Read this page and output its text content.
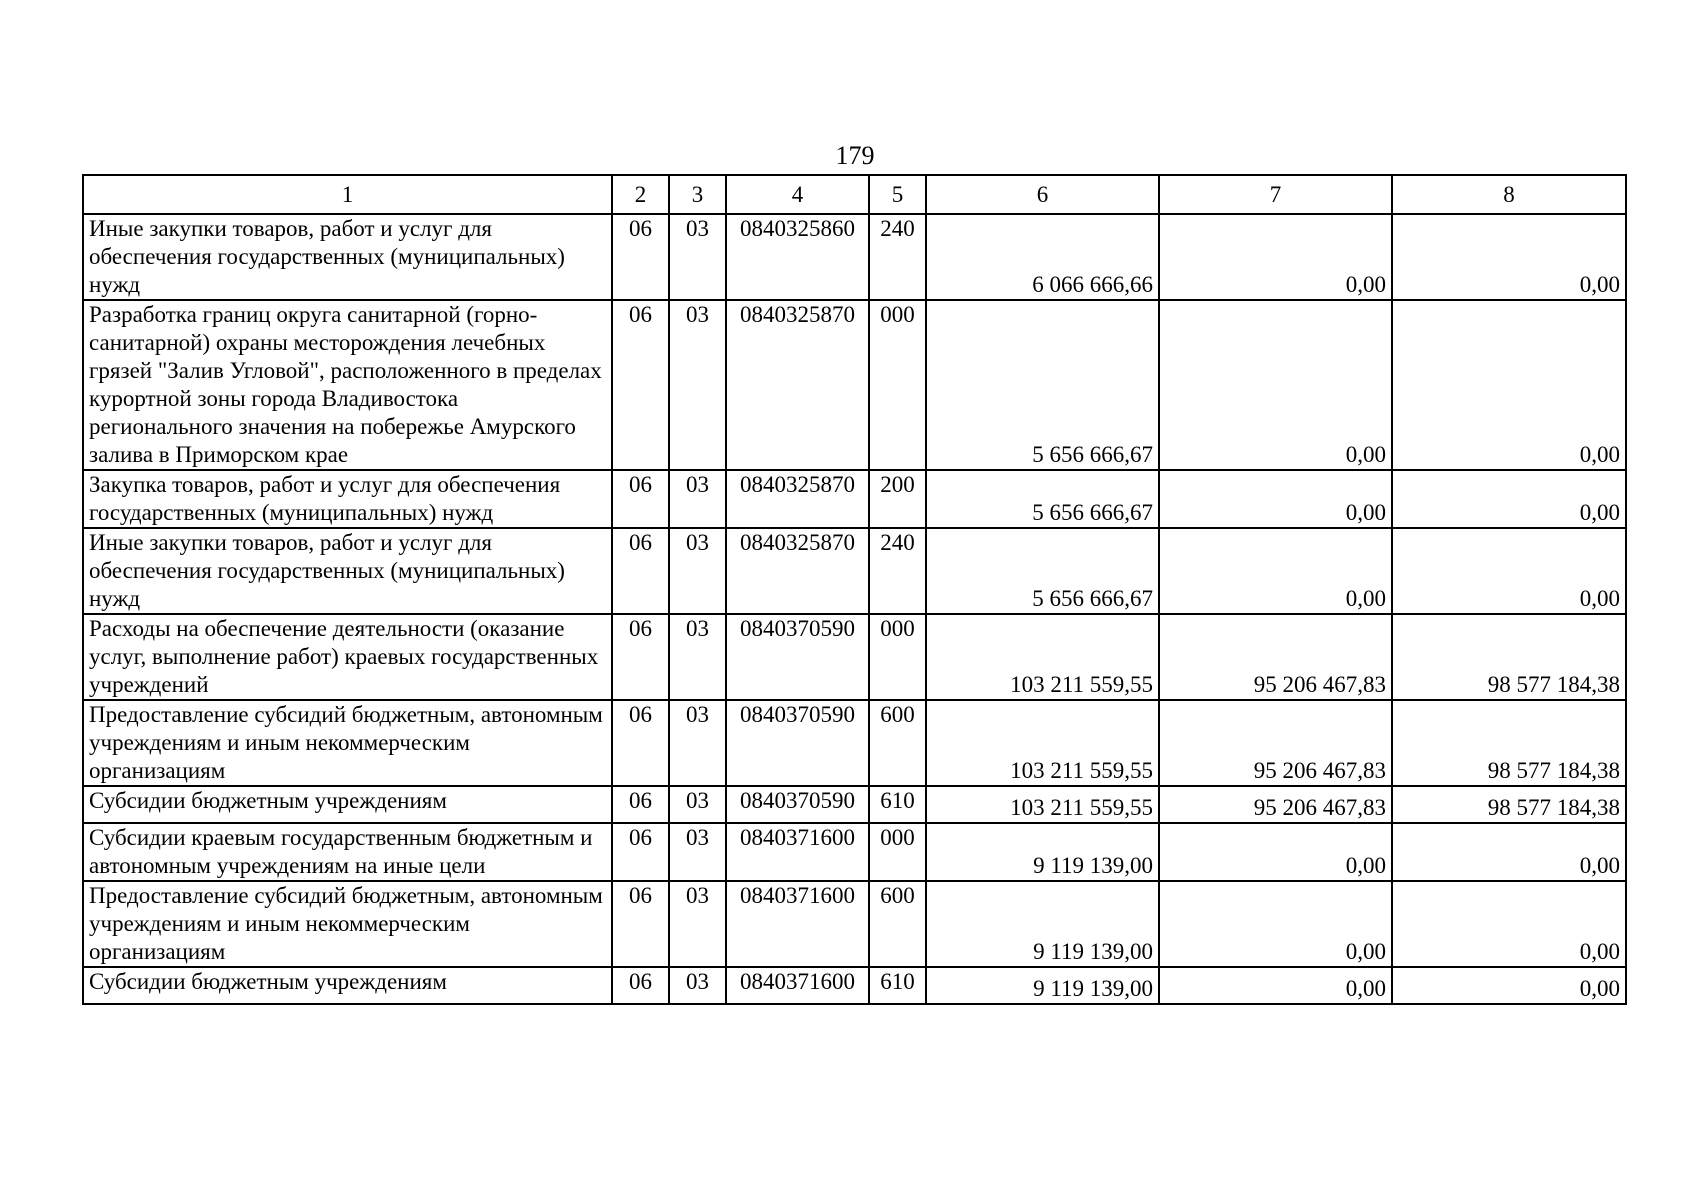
179
1	2	3	4	5	6	7	8
Иные закупки товаров, работ и услуг для обеспечения государственных (муниципальных) нужд	06	03	0840325860	240	6 066 666,66	0,00	0,00
Разработка границ округа санитарной (горно-санитарной) охраны месторождения лечебных грязей "Залив Угловой", расположенного в пределах курортной зоны города Владивостока регионального значения на побережье Амурского залива в Приморском крае	06	03	0840325870	000	5 656 666,67	0,00	0,00
Закупка товаров, работ и услуг для обеспечения государственных (муниципальных) нужд	06	03	0840325870	200	5 656 666,67	0,00	0,00
Иные закупки товаров, работ и услуг для обеспечения государственных (муниципальных) нужд	06	03	0840325870	240	5 656 666,67	0,00	0,00
Расходы на обеспечение деятельности (оказание услуг, выполнение работ) краевых государственных учреждений	06	03	0840370590	000	103 211 559,55	95 206 467,83	98 577 184,38
Предоставление субсидий бюджетным, автономным учреждениям и иным некоммерческим организациям	06	03	0840370590	600	103 211 559,55	95 206 467,83	98 577 184,38
Субсидии бюджетным учреждениям	06	03	0840370590	610	103 211 559,55	95 206 467,83	98 577 184,38
Субсидии краевым государственным бюджетным и автономным учреждениям на иные цели	06	03	0840371600	000	9 119 139,00	0,00	0,00
Предоставление субсидий бюджетным, автономным учреждениям и иным некоммерческим организациям	06	03	0840371600	600	9 119 139,00	0,00	0,00
Субсидии бюджетным учреждениям	06	03	0840371600	610	9 119 139,00	0,00	0,00
